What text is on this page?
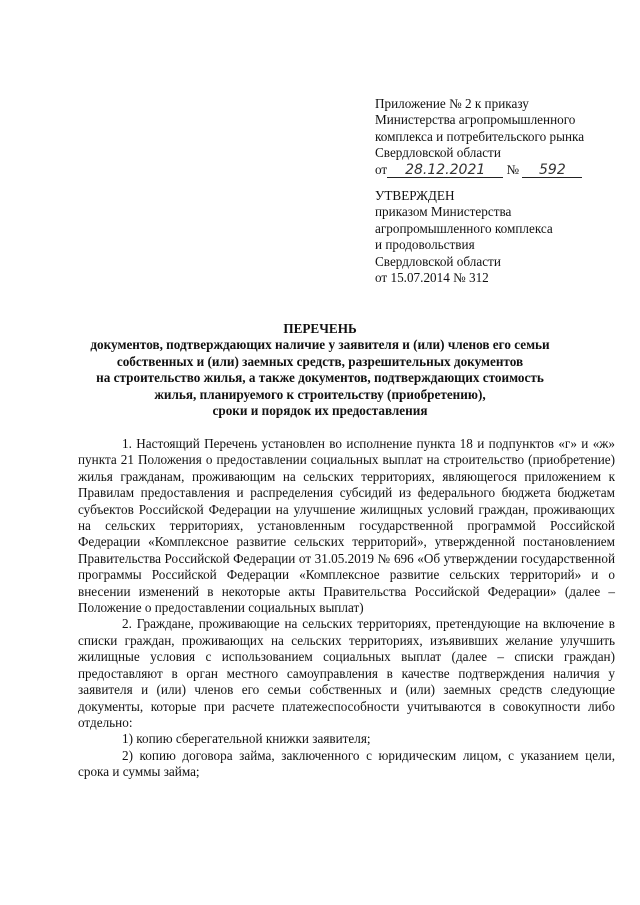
Приложение № 2 к приказу
Министерства агропромышленного
комплекса и потребительского рынка
Свердловской области
от 28.12.2021 № 592
УТВЕРЖДЕН
приказом Министерства
агропромышленного комплекса
и продовольствия
Свердловской области
от 15.07.2014 № 312
ПЕРЕЧЕНЬ
документов, подтверждающих наличие у заявителя и (или) членов его семьи
собственных и (или) заемных средств, разрешительных документов
на строительство жилья, а также документов, подтверждающих стоимость
жилья, планируемого к строительству (приобретению),
сроки и порядок их предоставления

1. Настоящий Перечень установлен во исполнение пункта 18 и подпунктов «г» и «ж» пункта 21 Положения о предоставлении социальных выплат на строительство (приобретение) жилья гражданам, проживающим на сельских территориях, являющегося приложением к Правилам предоставления и распределения субсидий из федерального бюджета бюджетам субъектов Российской Федерации на улучшение жилищных условий граждан, проживающих на сельских территориях, установленным государственной программой Российской Федерации «Комплексное развитие сельских территорий», утвержденной постановлением Правительства Российской Федерации от 31.05.2019 № 696 «Об утверждении государственной программы Российской Федерации «Комплексное развитие сельских территорий» и о внесении изменений в некоторые акты Правительства Российской Федерации» (далее – Положение о предоставлении социальных выплат)

2. Граждане, проживающие на сельских территориях, претендующие на включение в списки граждан, проживающих на сельских территориях, изъявивших желание улучшить жилищные условия с использованием социальных выплат (далее – списки граждан) предоставляют в орган местного самоуправления в качестве подтверждения наличия у заявителя и (или) членов его семьи собственных и (или) заемных средств следующие документы, которые при расчете платежеспособности учитываются в совокупности либо отдельно:

1) копию сберегательной книжки заявителя;

2) копию договора займа, заключенного с юридическим лицом, с указанием цели, срока и суммы займа;
